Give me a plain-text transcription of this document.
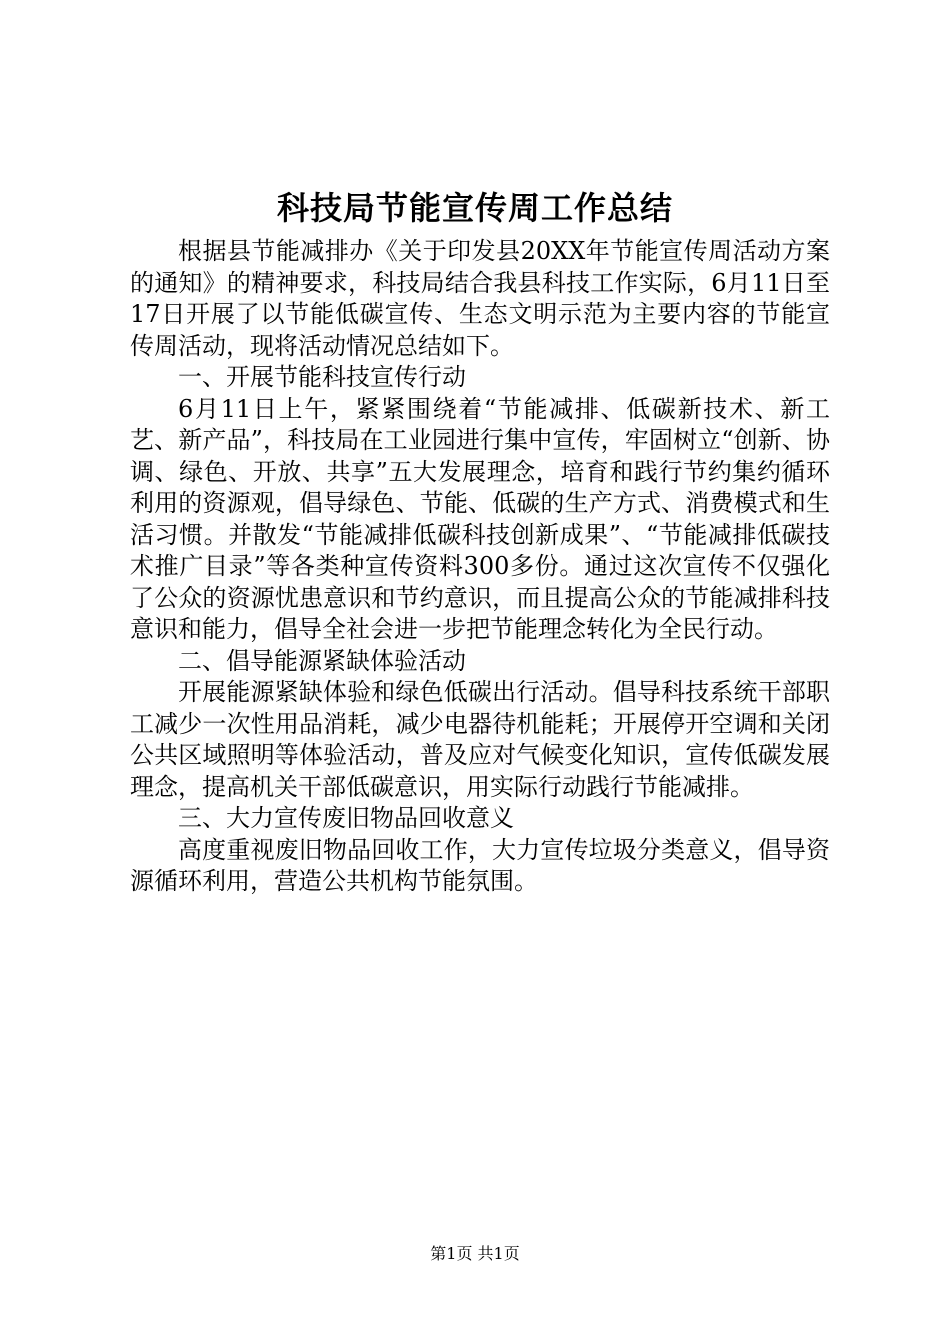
科技局节能宣传周工作总结

根据县节能减排办《关于印发县20XX年节能宣传周活动方案的通知》的精神要求，科技局结合我县科技工作实际，6月11日至17日开展了以节能低碳宣传、生态文明示范为主要内容的节能宣传周活动，现将活动情况总结如下。

一、开展节能科技宣传行动

6月11日上午，紧紧围绕着“节能减排、低碳新技术、新工艺、新产品”，科技局在工业园进行集中宣传，牢固树立“创新、协调、绿色、开放、共享”五大发展理念，培育和践行节约集约循环利用的资源观，倡导绿色、节能、低碳的生产方式、消费模式和生活习惯。并散发“节能减排低碳科技创新成果”、“节能减排低碳技术推广目录”等各类种宣传资料300多份。通过这次宣传不仅强化了公众的资源忧患意识和节约意识，而且提高公众的节能减排科技意识和能力，倡导全社会进一步把节能理念转化为全民行动。

二、倡导能源紧缺体验活动

开展能源紧缺体验和绿色低碳出行活动。倡导科技系统干部职工减少一次性用品消耗，减少电器待机能耗；开展停开空调和关闭公共区域照明等体验活动，普及应对气候变化知识，宣传低碳发展理念，提高机关干部低碳意识，用实际行动践行节能减排。

三、大力宣传废旧物品回收意义

高度重视废旧物品回收工作，大力宣传垃圾分类意义，倡导资源循环利用，营造公共机构节能氛围。

第1页 共1页
